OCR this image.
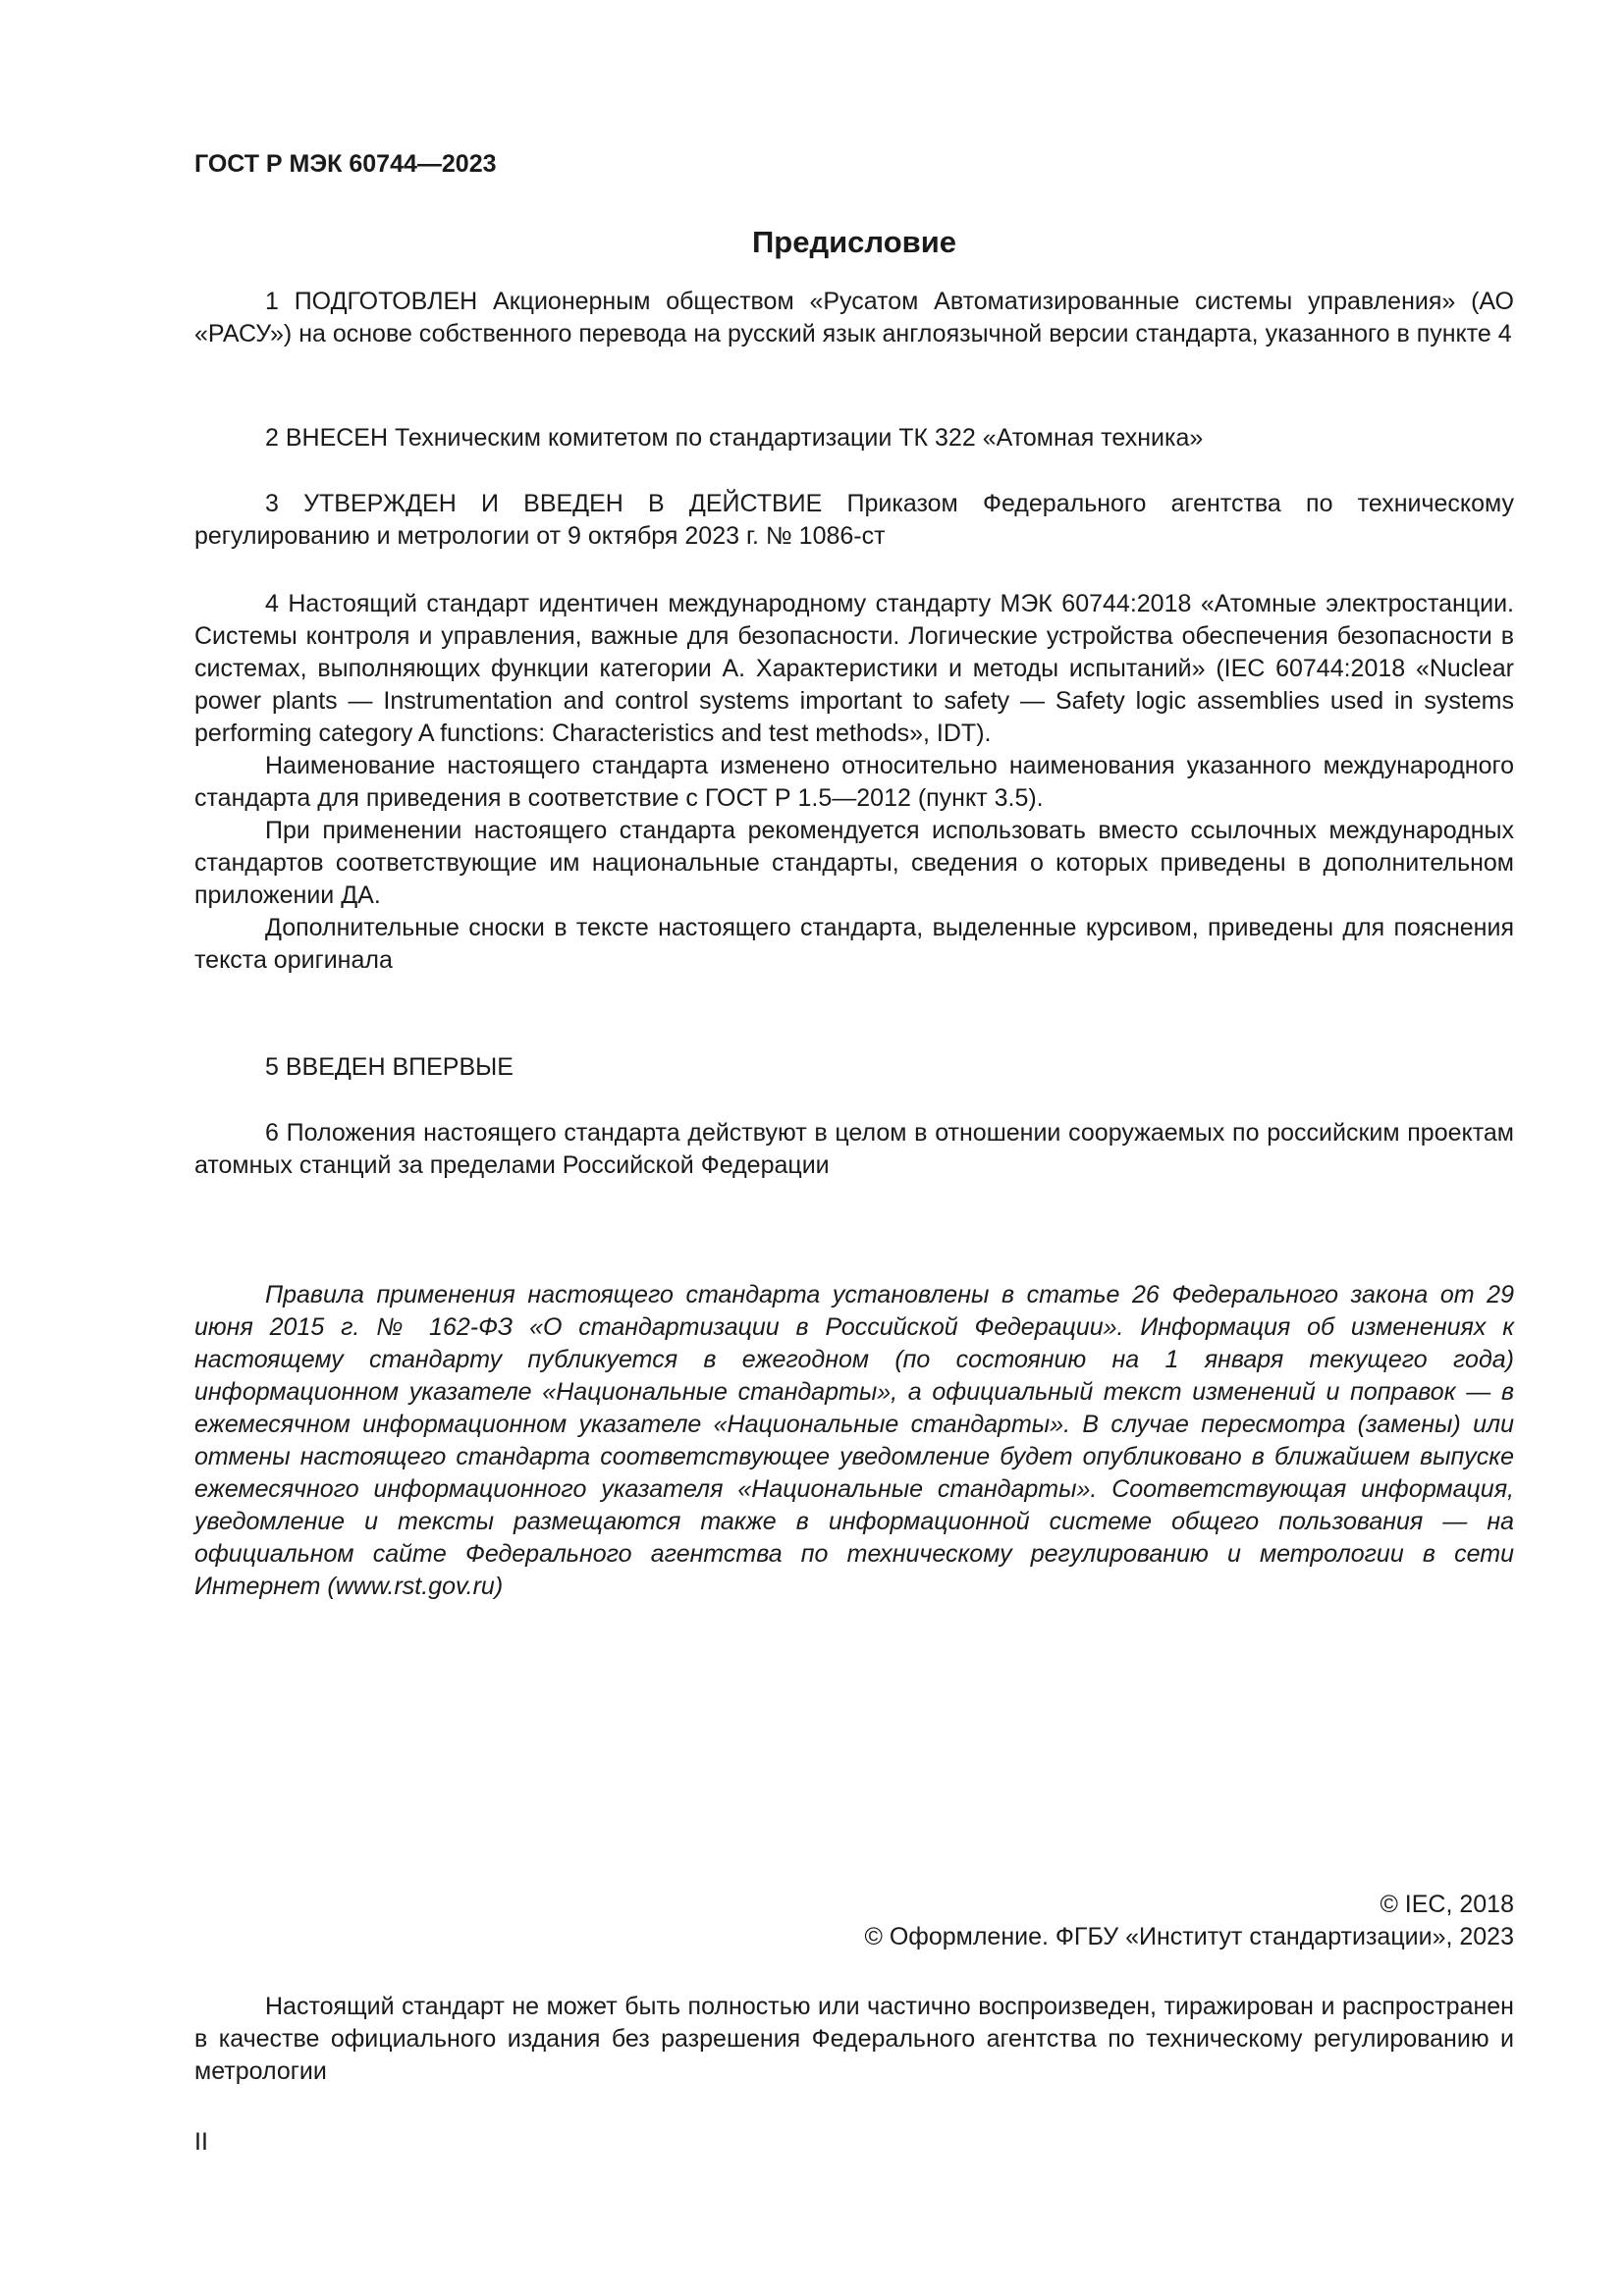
ГОСТ Р МЭК 60744—2023
Предисловие

1 ПОДГОТОВЛЕН Акционерным обществом «Русатом Автоматизированные системы управления» (АО «РАСУ») на основе собственного перевода на русский язык англоязычной версии стандарта, указанного в пункте 4

2 ВНЕСЕН Техническим комитетом по стандартизации ТК 322 «Атомная техника»

3 УТВЕРЖДЕН И ВВЕДЕН В ДЕЙСТВИЕ Приказом Федерального агентства по техническому регулированию и метрологии от 9 октября 2023 г. № 1086-ст

4 Настоящий стандарт идентичен международному стандарту МЭК 60744:2018 «Атомные электростанции. Системы контроля и управления, важные для безопасности. Логические устройства обеспечения безопасности в системах, выполняющих функции категории А. Характеристики и методы испытаний» (IEC 60744:2018 «Nuclear power plants — Instrumentation and control systems important to safety — Safety logic assemblies used in systems performing category A functions: Characteristics and test methods», IDT).

Наименование настоящего стандарта изменено относительно наименования указанного международного стандарта для приведения в соответствие с ГОСТ Р 1.5—2012 (пункт 3.5).

При применении настоящего стандарта рекомендуется использовать вместо ссылочных международных стандартов соответствующие им национальные стандарты, сведения о которых приведены в дополнительном приложении ДА.

Дополнительные сноски в тексте настоящего стандарта, выделенные курсивом, приведены для пояснения текста оригинала

5 ВВЕДЕН ВПЕРВЫЕ

6 Положения настоящего стандарта действуют в целом в отношении сооружаемых по российским проектам атомных станций за пределами Российской Федерации

Правила применения настоящего стандарта установлены в статье 26 Федерального закона от 29 июня 2015 г. № 162-ФЗ «О стандартизации в Российской Федерации». Информация об изменениях к настоящему стандарту публикуется в ежегодном (по состоянию на 1 января текущего года) информационном указателе «Национальные стандарты», а официальный текст изменений и поправок — в ежемесячном информационном указателе «Национальные стандарты». В случае пересмотра (замены) или отмены настоящего стандарта соответствующее уведомление будет опубликовано в ближайшем выпуске ежемесячного информационного указателя «Национальные стандарты». Соответствующая информация, уведомление и тексты размещаются также в информационной системе общего пользования — на официальном сайте Федерального агентства по техническому регулированию и метрологии в сети Интернет (www.rst.gov.ru)

© IEC, 2018

© Оформление. ФГБУ «Институт стандартизации», 2023

Настоящий стандарт не может быть полностью или частично воспроизведен, тиражирован и распространен в качестве официального издания без разрешения Федерального агентства по техническому регулированию и метрологии

II
